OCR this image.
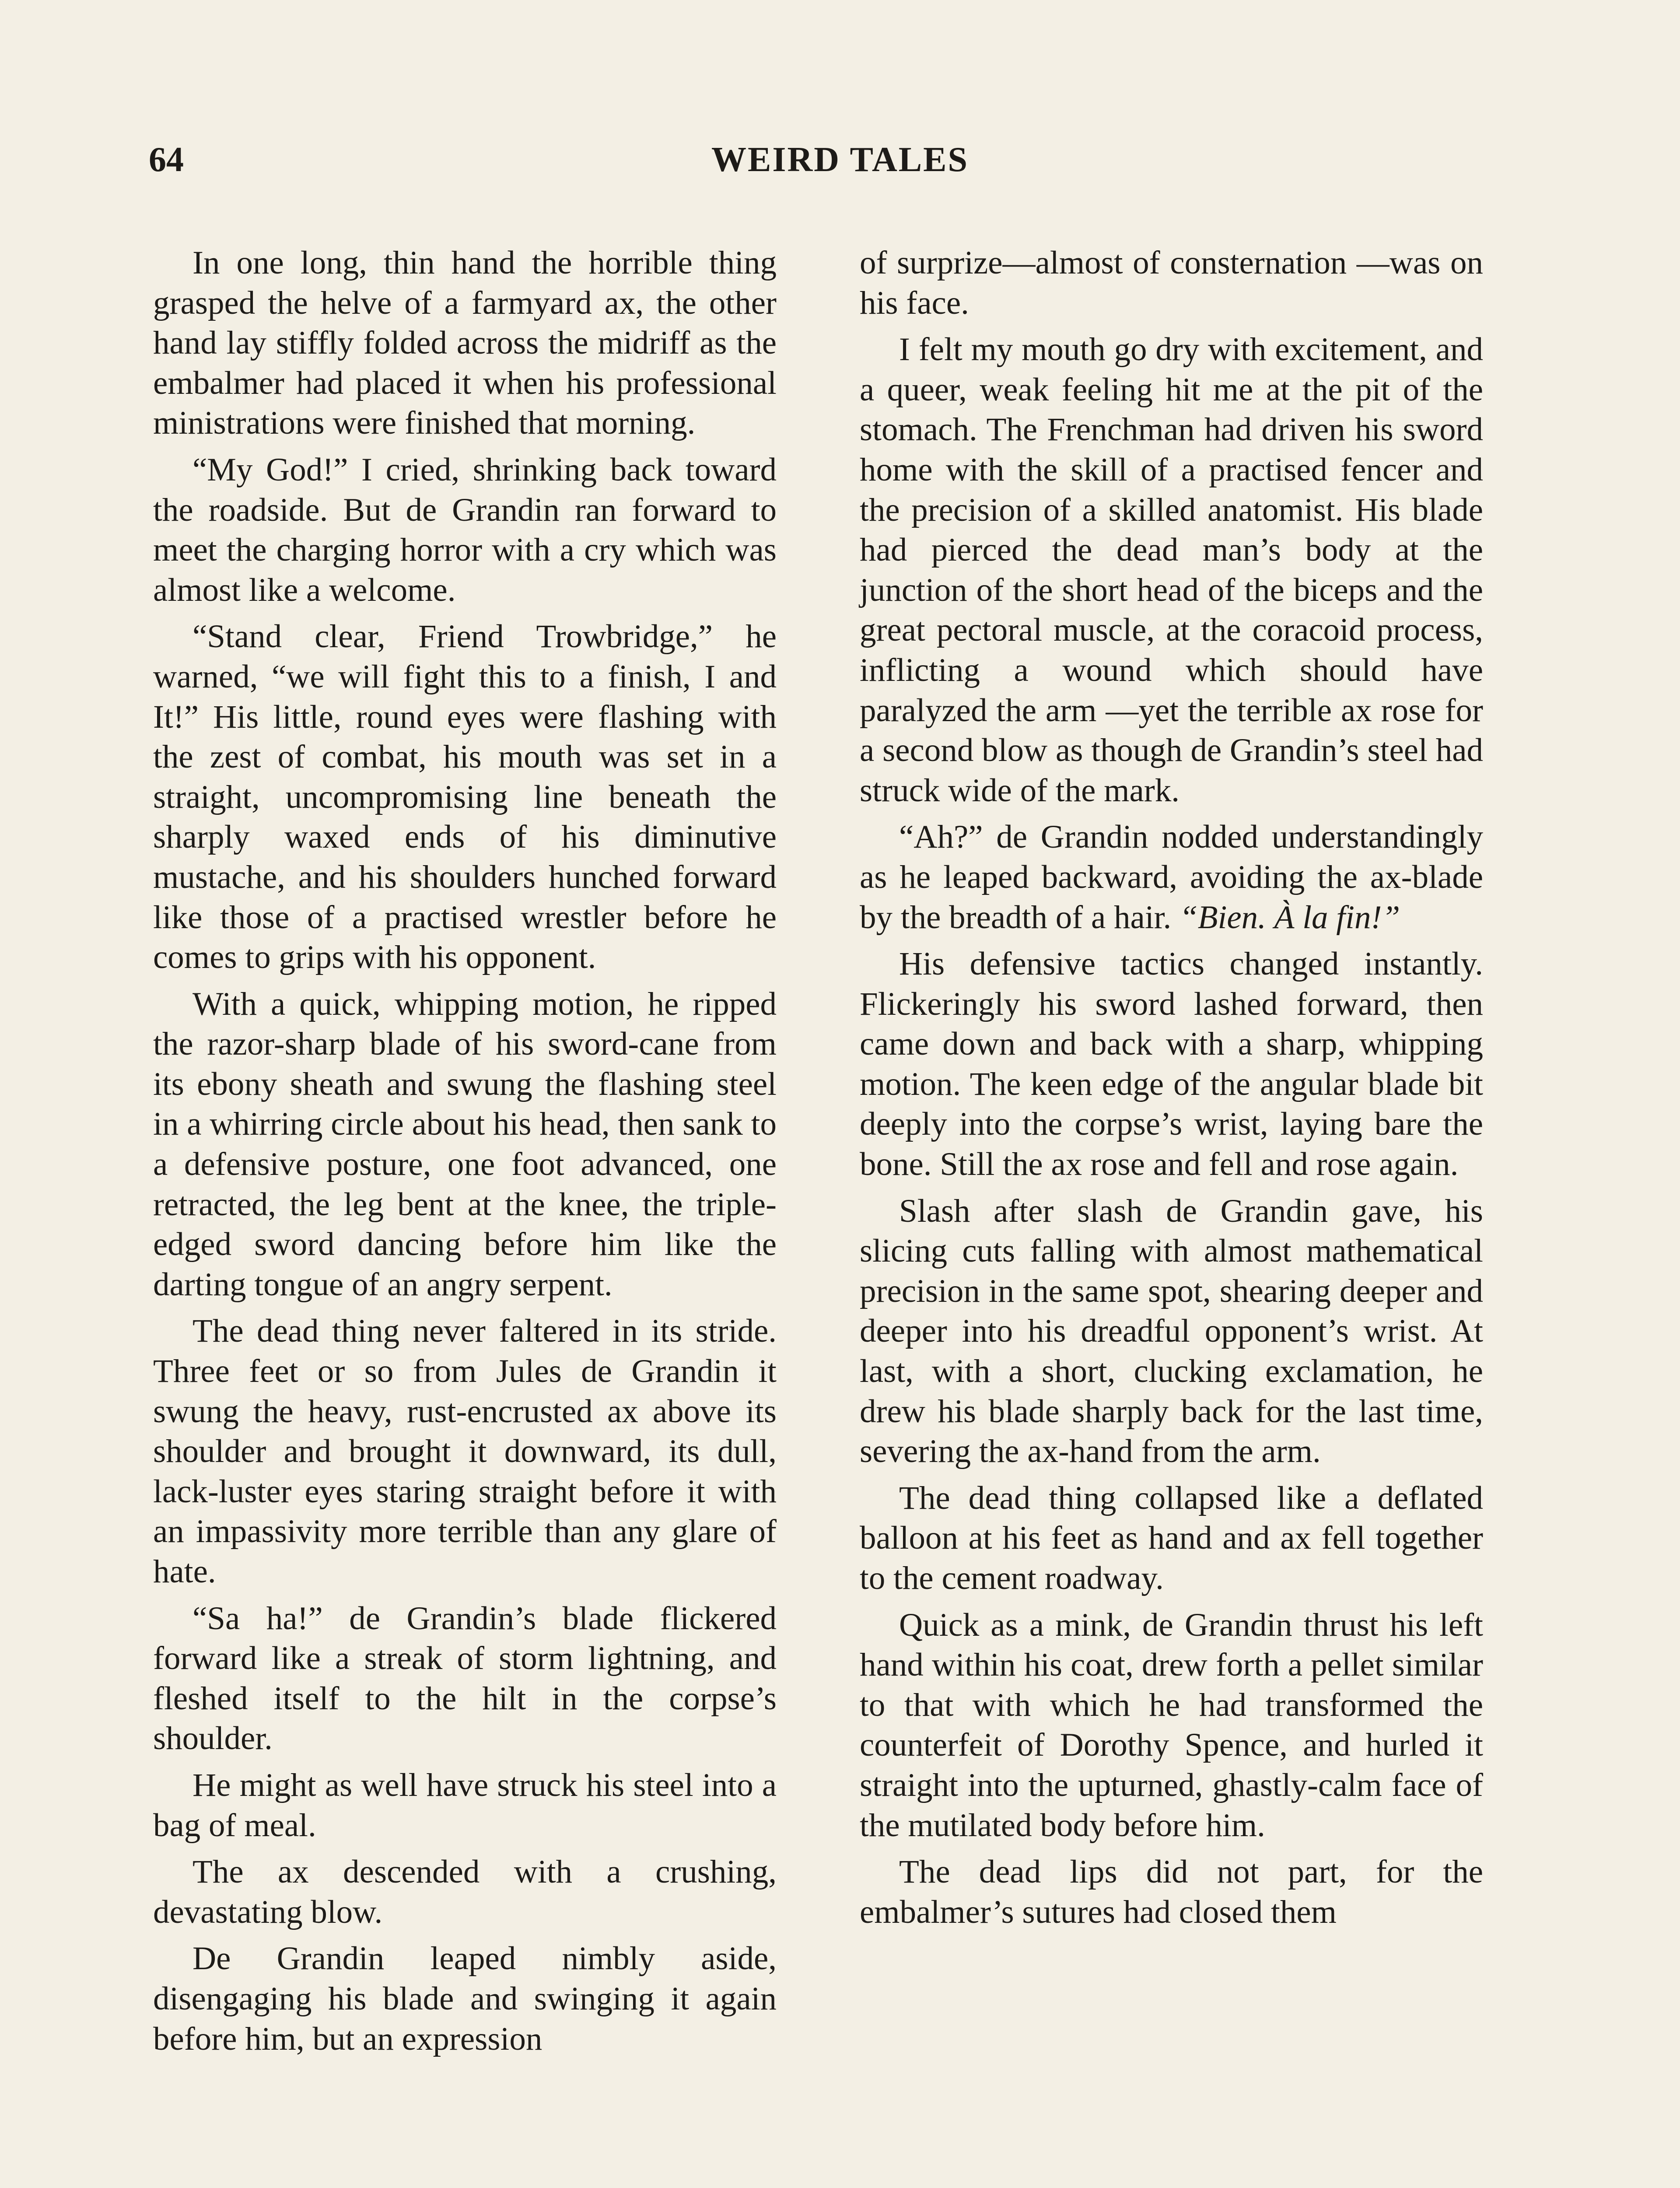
64	WEIRD TALES

In one long, thin hand the horrible thing grasped the helve of a farmyard ax, the other hand lay stiffly folded across the midriff as the embalmer had placed it when his professional ministrations were finished that morning.

“My God!” I cried, shrinking back toward the roadside. But de Grandin ran forward to meet the charging horror with a cry which was almost like a welcome.

“Stand clear, Friend Trowbridge,” he warned, “we will fight this to a finish, I and It!” His little, round eyes were flashing with the zest of combat, his mouth was set in a straight, uncompromising line beneath the sharply waxed ends of his diminutive mustache, and his shoulders hunched forward like those of a practised wrestler before he comes to grips with his opponent.

With a quick, whipping motion, he ripped the razor-sharp blade of his sword-cane from its ebony sheath and swung the flashing steel in a whirring circle about his head, then sank to a defensive posture, one foot advanced, one retracted, the leg bent at the knee, the triple-edged sword dancing before him like the darting tongue of an angry serpent.

The dead thing never faltered in its stride. Three feet or so from Jules de Grandin it swung the heavy, rust-encrusted ax above its shoulder and brought it downward, its dull, lack-luster eyes staring straight before it with an impassivity more terrible than any glare of hate.

“Sa ha!” de Grandin’s blade flickered forward like a streak of storm lightning, and fleshed itself to the hilt in the corpse’s shoulder.

He might as well have struck his steel into a bag of meal.

The ax descended with a crushing, devastating blow.

De Grandin leaped nimbly aside, disengaging his blade and swinging it again before him, but an expression

of surprize—almost of consternation —was on his face.

I felt my mouth go dry with excitement, and a queer, weak feeling hit me at the pit of the stomach. The Frenchman had driven his sword home with the skill of a practised fencer and the precision of a skilled anatomist. His blade had pierced the dead man’s body at the junction of the short head of the biceps and the great pectoral muscle, at the coracoid process, inflicting a wound which should have paralyzed the arm —yet the terrible ax rose for a second blow as though de Grandin’s steel had struck wide of the mark.

“Ah?” de Grandin nodded understandingly as he leaped backward, avoiding the ax-blade by the breadth of a hair. “Bien. À la fin!”

His defensive tactics changed instantly. Flickeringly his sword lashed forward, then came down and back with a sharp, whipping motion. The keen edge of the angular blade bit deeply into the corpse’s wrist, laying bare the bone. Still the ax rose and fell and rose again.

Slash after slash de Grandin gave, his slicing cuts falling with almost mathematical precision in the same spot, shearing deeper and deeper into his dreadful opponent’s wrist. At last, with a short, clucking exclamation, he drew his blade sharply back for the last time, severing the ax-hand from the arm.

The dead thing collapsed like a deflated balloon at his feet as hand and ax fell together to the cement roadway.

Quick as a mink, de Grandin thrust his left hand within his coat, drew forth a pellet similar to that with which he had transformed the counterfeit of Dorothy Spence, and hurled it straight into the upturned, ghastly-calm face of the mutilated body before him.

The dead lips did not part, for the embalmer’s sutures had closed them
